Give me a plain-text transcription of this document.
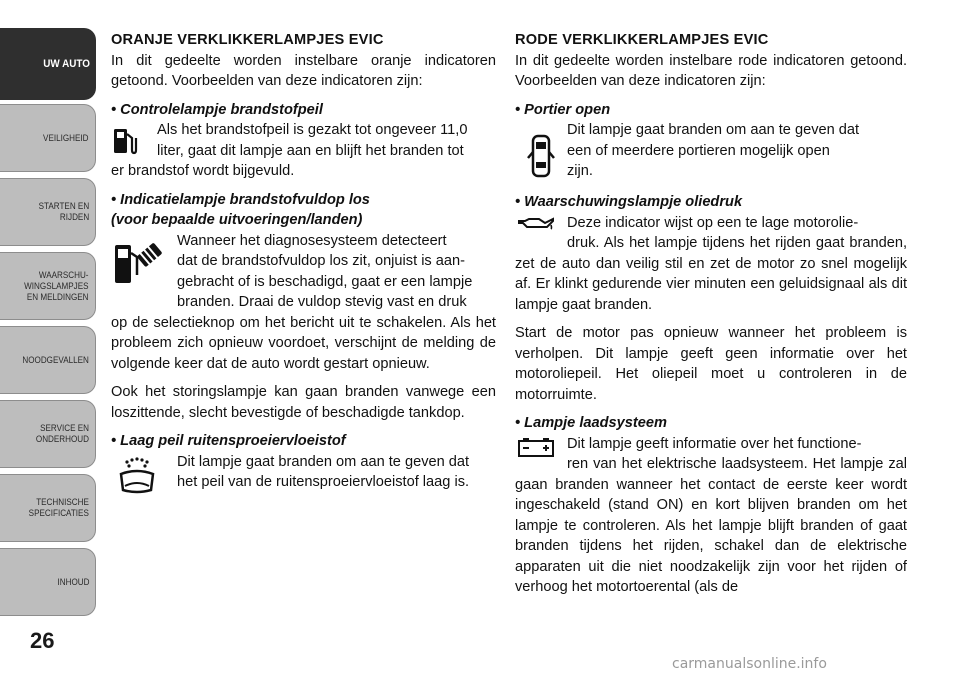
UW AUTO
VEILIGHEID
STARTEN EN
RIJDEN
WAARSCHU-
WINGSLAMPJES
EN MELDINGEN
NOODGEVALLEN
SERVICE EN
ONDERHOUD
TECHNISCHE
SPECIFICATIES
INHOUD
26

ORANJE VERKLIKKERLAMPJES EVIC

In dit gedeelte worden instelbare oranje indicatoren getoond. Voorbeelden van deze indicatoren zijn:

• Controlelampje brandstofpeil

Als het brandstofpeil is gezakt tot ongeveer 11,0

liter, gaat dit lampje aan en blijft het branden tot

er brandstof wordt bijgevuld.

• Indicatielampje brandstofvuldop los

(voor bepaalde uitvoeringen/landen)

Wanneer het diagnosesysteem detecteert

dat de brandstofvuldop los zit, onjuist is aan-

gebracht of is beschadigd, gaat er een lampje

branden. Draai de vuldop stevig vast en druk

op de selectieknop om het bericht uit te schakelen. Als het probleem zich opnieuw voordoet, verschijnt de melding de volgende keer dat de auto wordt gestart opnieuw.

Ook het storingslampje kan gaan branden vanwege een loszittende, slecht bevestigde of beschadigde tankdop.

• Laag peil ruitensproeiervloeistof

Dit lampje gaat branden om aan te geven dat

het peil van de ruitensproeiervloeistof laag is.

RODE VERKLIKKERLAMPJES EVIC

In dit gedeelte worden instelbare rode indicatoren getoond. Voorbeelden van deze indicatoren zijn:

• Portier open

Dit lampje gaat branden om aan te geven dat

een of meerdere portieren mogelijk open

zijn.

• Waarschuwingslampje oliedruk

Deze indicator wijst op een te lage motorolie-

druk. Als het lampje tijdens het rijden gaat branden, zet de auto dan veilig stil en zet de motor zo snel mogelijk af. Er klinkt gedurende vier minuten een geluidsignaal als dit lampje gaat branden.

Start de motor pas opnieuw wanneer het probleem is verholpen. Dit lampje geeft geen informatie over het motoroliepeil. Het oliepeil moet u controleren in de motorruimte.

• Lampje laadsysteem

Dit lampje geeft informatie over het functione-

ren van het elektrische laadsysteem. Het lampje zal gaan branden wanneer het contact de eerste keer wordt ingeschakeld (stand ON) en kort blijven branden om het lampje te controleren. Als het lampje blijft branden of gaat branden tijdens het rijden, schakel dan de elektrische apparaten uit die niet noodzakelijk zijn voor het rijden of verhoog het motortoerental (als de

carmanualsonline.info
